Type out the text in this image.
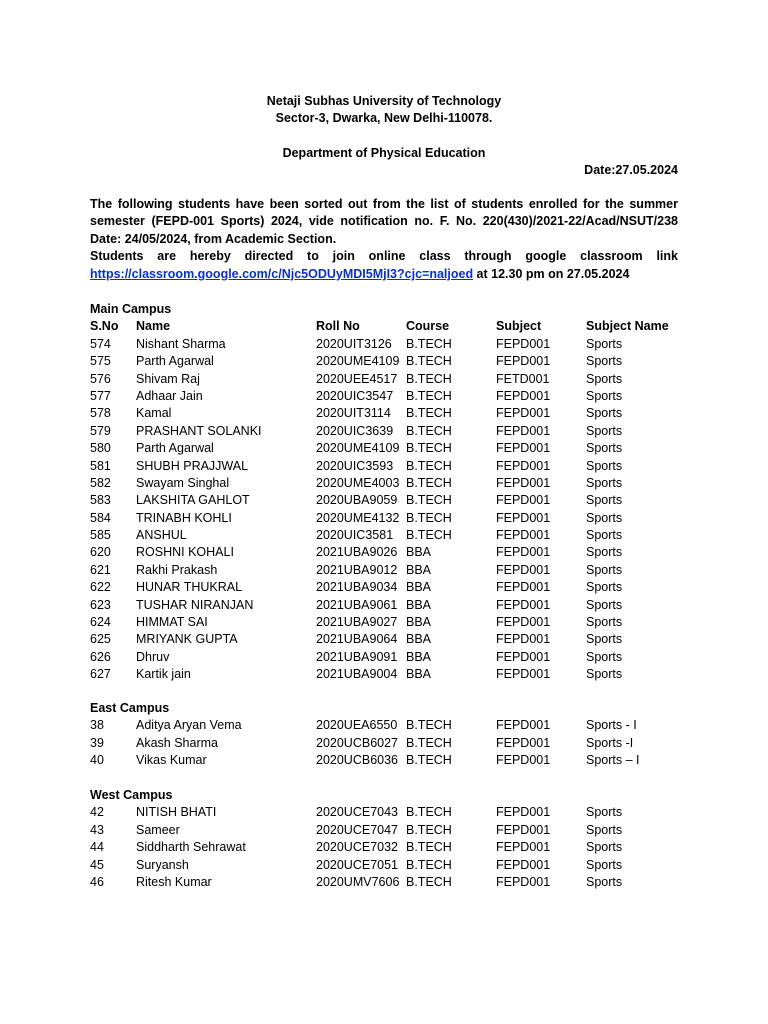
Netaji Subhas University of Technology
Sector-3, Dwarka, New Delhi-110078.
Department of Physical Education
Date:27.05.2024

The following students have been sorted out from the list of students enrolled for the summer semester (FEPD-001 Sports) 2024, vide notification no. F. No. 220(430)/2021-22/Acad/NSUT/238 Date: 24/05/2024, from Academic Section.

Students are hereby directed to join online class through google classroom link https://classroom.google.com/c/Njc5ODUyMDI5MjI3?cjc=naljoed at 12.30 pm on 27.05.2024

Main Campus
S.No Name	Roll No	Course	Subject	Subject Name
574 Nishant Sharma	2020UIT3126 B.TECH	FEPD001	Sports
575 Parth Agarwal	2020UME4109 B.TECH	FEPD001	Sports
576 Shivam Raj	2020UEE4517 B.TECH	FETD001	Sports
577 Adhaar Jain	2020UIC3547 B.TECH	FEPD001	Sports
578 Kamal	2020UIT3114 B.TECH	FEPD001	Sports
579 PRASHANT SOLANKI	2020UIC3639 B.TECH	FEPD001	Sports
580 Parth Agarwal	2020UME4109 B.TECH	FEPD001	Sports
581 SHUBH PRAJJWAL	2020UIC3593 B.TECH	FEPD001	Sports
582 Swayam Singhal	2020UME4003 B.TECH	FEPD001	Sports
583 LAKSHITA GAHLOT	2020UBA9059 B.TECH	FEPD001	Sports
584 TRINABH KOHLI	2020UME4132 B.TECH	FEPD001	Sports
585 ANSHUL	2020UIC3581 B.TECH	FEPD001	Sports
620 ROSHNI KOHALI	2021UBA9026 BBA	FEPD001	Sports
621 Rakhi Prakash	2021UBA9012 BBA	FEPD001	Sports
622 HUNAR THUKRAL	2021UBA9034 BBA	FEPD001	Sports
623 TUSHAR NIRANJAN	2021UBA9061 BBA	FEPD001	Sports
624 HIMMAT SAI	2021UBA9027 BBA	FEPD001	Sports
625 MRIYANK GUPTA	2021UBA9064 BBA	FEPD001	Sports
626 Dhruv	2021UBA9091 BBA	FEPD001	Sports
627 Kartik jain	2021UBA9004 BBA	FEPD001	Sports
East Campus
38	Aditya Aryan Vema	2020UEA6550 B.TECH	FEPD001	Sports - I
39	Akash Sharma	2020UCB6027 B.TECH	FEPD001	Sports -I
40	Vikas Kumar	2020UCB6036 B.TECH	FEPD001	Sports – I
West Campus
42	NITISH BHATI	2020UCE7043 B.TECH	FEPD001	Sports
43	Sameer	2020UCE7047 B.TECH	FEPD001	Sports
44	Siddharth Sehrawat	2020UCE7032 B.TECH	FEPD001	Sports
45	Suryansh	2020UCE7051 B.TECH	FEPD001	Sports
46	Ritesh Kumar	2020UMV7606 B.TECH	FEPD001	Sports
